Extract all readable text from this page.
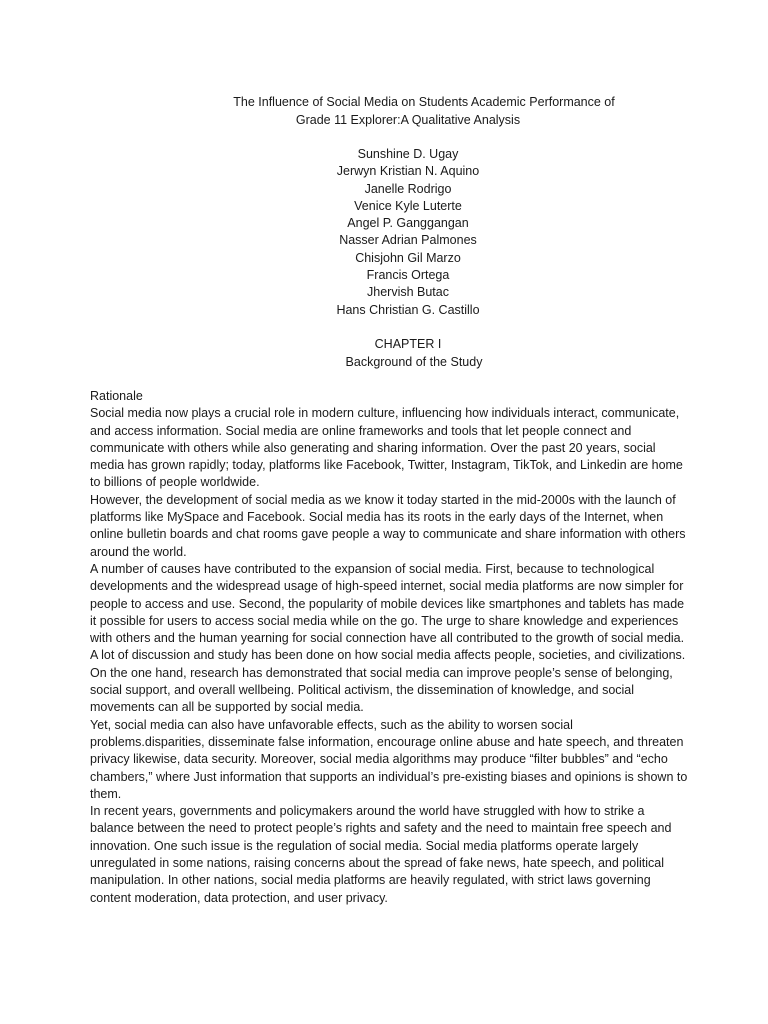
The Influence of Social Media on Students Academic Performance of
Grade 11 Explorer:A Qualitative Analysis
Sunshine D. Ugay
Jerwyn Kristian N. Aquino
Janelle Rodrigo
Venice Kyle Luterte
Angel P. Ganggangan
Nasser Adrian Palmones
Chisjohn Gil Marzo
Francis Ortega
Jhervish Butac
Hans Christian G. Castillo
CHAPTER I
Background of the Study
Rationale

Social media now plays a crucial role in modern culture, influencing how individuals interact, communicate, and access information. Social media are online frameworks and tools that let people connect and communicate with others while also generating and sharing information. Over the past 20 years, social media has grown rapidly; today, platforms like Facebook, Twitter, Instagram, TikTok, and Linkedin are home to billions of people worldwide.

However, the development of social media as we know it today started in the mid-2000s with the launch of platforms like MySpace and Facebook. Social media has its roots in the early days of the Internet, when online bulletin boards and chat rooms gave people a way to communicate and share information with others around the world.

A number of causes have contributed to the expansion of social media. First, because to technological developments and the widespread usage of high-speed internet, social media platforms are now simpler for people to access and use. Second, the popularity of mobile devices like smartphones and tablets has made it possible for users to access social media while on the go. The urge to share knowledge and experiences with others and the human yearning for social connection have all contributed to the growth of social media.

A lot of discussion and study has been done on how social media affects people, societies, and civilizations. On the one hand, research has demonstrated that social media can improve people’s sense of belonging, social support, and overall wellbeing. Political activism, the dissemination of knowledge, and social movements can all be supported by social media.

Yet, social media can also have unfavorable effects, such as the ability to worsen social problems.disparities, disseminate false information, encourage online abuse and hate speech, and threaten privacy likewise, data security. Moreover, social media algorithms may produce “filter bubbles” and “echo chambers,” where Just information that supports an individual’s pre-existing biases and opinions is shown to them.

In recent years, governments and policymakers around the world have struggled with how to strike a balance between the need to protect people’s rights and safety and the need to maintain free speech and innovation. One such issue is the regulation of social media. Social media platforms operate largely unregulated in some nations, raising concerns about the spread of fake news, hate speech, and political manipulation. In other nations, social media platforms are heavily regulated, with strict laws governing content moderation, data protection, and user privacy.
